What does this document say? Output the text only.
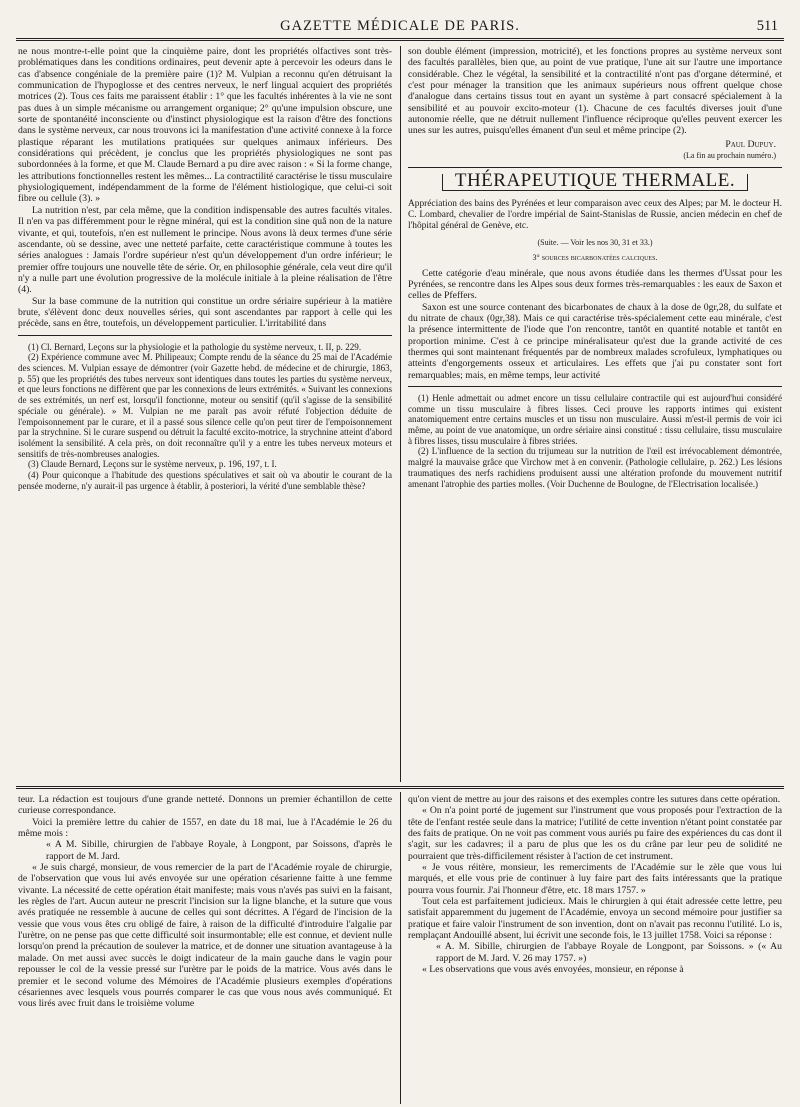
GAZETTE MÉDICALE DE PARIS.	511

ne nous montre-t-elle point que la cinquième paire, dont les propriétés olfactives sont très-problématiques dans les conditions ordinaires, peut devenir apte à percevoir les odeurs dans le cas d'absence congéniale de la première paire (1)? M. Vulpian a reconnu qu'en détruisant la communication de l'hypoglosse et des centres nerveux, le nerf lingual acquiert des propriétés motrices (2). Tous ces faits me paraissent établir : 1° que les facultés inhérentes à la vie ne sont pas dues à un simple mécanisme ou arrangement organique; 2° qu'une impulsion obscure, une sorte de spontanéité inconsciente ou d'instinct physiologique est la raison d'être des fonctions dans le système nerveux, car nous trouvons ici la manifestation d'une activité connexe à la force plastique réparant les mutilations pratiquées sur quelques animaux inférieurs. Des considérations qui précèdent, je conclus que les propriétés physiologiques ne sont pas subordonnées à la forme, et que M. Claude Bernard a pu dire avec raison : « Si la forme change, les attributions fonctionnelles restent les mêmes... La contractilité caractérise le tissu musculaire physiologiquement, indépendamment de la forme de l'élément histiologique, que celui-ci soit fibre ou cellule (3). »

La nutrition n'est, par cela même, que la condition indispensable des autres facultés vitales. Il n'en va pas différemment pour le règne minéral, qui est la condition sine quâ non de la nature vivante, et qui, toutefois, n'en est nullement le principe. Nous avons là deux termes d'une série ascendante, où se dessine, avec une netteté parfaite, cette caractéristique commune à toutes les séries analogues : Jamais l'ordre supérieur n'est qu'un développement d'un ordre inférieur; le premier offre toujours une nouvelle tête de série. Or, en philosophie générale, cela veut dire qu'il n'y a nulle part une évolution progressive de la molécule initiale à la pleine réalisation de l'être (4).

Sur la base commune de la nutrition qui constitue un ordre sériaire supérieur à la matière brute, s'élèvent donc deux nouvelles séries, qui sont ascendantes par rapport à celle qui les précède, sans en être, toutefois, un développement particulier. L'irritabilité dans

(1) Cl. Bernard, Leçons sur la physiologie et la pathologie du système nerveux, t. II, p. 229.

(2) Expérience commune avec M. Philipeaux; Compte rendu de la séance du 25 mai de l'Académie des sciences. M. Vulpian essaye de démontrer (voir Gazette hebd. de médecine et de chirurgie, 1863, p. 55) que les propriétés des tubes nerveux sont identiques dans toutes les parties du système nerveux, et que leurs fonctions ne diffèrent que par les connexions de leurs extrémités. « Suivant les connexions de ses extrémités, un nerf est, lorsqu'il fonctionne, moteur ou sensitif (qu'il s'agisse de la sensibilité spéciale ou générale). » M. Vulpian ne me paraît pas avoir réfuté l'objection déduite de l'empoisonnement par le curare, et il a passé sous silence celle qu'on peut tirer de l'empoisonnement par la strychnine. Si le curare suspend ou détruit la faculté excito-motrice, la strychnine atteint d'abord isolément la sensibilité. A cela près, on doit reconnaître qu'il y a entre les tubes nerveux moteurs et sensitifs de très-nombreuses analogies.

(3) Claude Bernard, Leçons sur le système nerveux, p. 196, 197, t. I.

(4) Pour quiconque a l'habitude des questions spéculatives et sait où va aboutir le courant de la pensée moderne, n'y aurait-il pas urgence à établir, à posteriori, la vérité d'une semblable thèse?

son double élément (impression, motricité), et les fonctions propres au système nerveux sont des facultés parallèles, bien que, au point de vue pratique, l'une ait sur l'autre une importance considérable. Chez le végétal, la sensibilité et la contractilité n'ont pas d'organe déterminé, et c'est pour ménager la transition que les animaux supérieurs nous offrent quelque chose d'analogue dans certains tissus tout en ayant un système à part consacré spécialement à la sensibilité et au pouvoir excito-moteur (1). Chacune de ces facultés diverses jouit d'une autonomie réelle, que ne détruit nullement l'influence réciproque qu'elles peuvent exercer les unes sur les autres, puisqu'elles émanent d'un seul et même principe (2).

Paul Dupuy.

(La fin au prochain numéro.)

THÉRAPEUTIQUE THERMALE.

Appréciation des bains des Pyrénées et leur comparaison avec ceux des Alpes; par M. le docteur H. C. Lombard, chevalier de l'ordre impérial de Saint-Stanislas de Russie, ancien médecin en chef de l'hôpital général de Genève, etc.

(Suite. — Voir les nos 30, 31 et 33.)

3° sources bicarbonatées calciques.

Cette catégorie d'eau minérale, que nous avons étudiée dans les thermes d'Ussat pour les Pyrénées, se rencontre dans les Alpes sous deux formes très-remarquables : les eaux de Saxon et celles de Pfeffers.

Saxon est une source contenant des bicarbonates de chaux à la dose de 0gr,28, du sulfate et du nitrate de chaux (0gr,38). Mais ce qui caractérise très-spécialement cette eau minérale, c'est la présence intermittente de l'iode que l'on rencontre, tantôt en quantité notable et tantôt en proportion minime. C'est à ce principe minéralisateur qu'est due la grande activité de ces thermes qui sont maintenant fréquentés par de nombreux malades scrofuleux, lymphatiques ou atteints d'engorgements osseux et articulaires. Les effets que j'ai pu constater sont fort remarquables; mais, en même temps, leur activité

(1) Henle admettait ou admet encore un tissu cellulaire contractile qui est aujourd'hui considéré comme un tissu musculaire à fibres lisses. Ceci prouve les rapports intimes qui existent anatomiquement entre certains muscles et un tissu non musculaire. Aussi m'est-il permis de voir ici même, au point de vue anatomique, un ordre sériaire ainsi constitué : tissu cellulaire, tissu musculaire à fibres lisses, tissu musculaire à fibres striées.

(2) L'influence de la section du trijumeau sur la nutrition de l'œil est irrévocablement démontrée, malgré la mauvaise grâce que Virchow met à en convenir. (Pathologie cellulaire, p. 262.) Les lésions traumatiques des nerfs rachidiens produisent aussi une altération profonde du mouvement nutritif amenant l'atrophie des parties molles. (Voir Duchenne de Boulogne, de l'Electrisation localisée.)

teur. La rédaction est toujours d'une grande netteté. Donnons un premier échantillon de cette curieuse correspondance.

Voici la première lettre du cahier de 1557, en date du 18 mai, lue à l'Académie le 26 du même mois :

« A M. Sibille, chirurgien de l'abbaye Royale, à Longpont, par Soissons, d'après le rapport de M. Jard.

« Je suis chargé, monsieur, de vous remercier de la part de l'Académie royale de chirurgie, de l'observation que vous lui avés envoyée sur une opération césarienne faitte à une femme vivante. La nécessité de cette opération était manifeste; mais vous n'avés pas suivi en la faisant, les règles de l'art. Aucun auteur ne prescrit l'incision sur la ligne blanche, et la suture que vous avés pratiquée ne ressemble à aucune de celles qui sont décrittes. A l'égard de l'incision de la vessie que vous vous êtes cru obligé de faire, à raison de la difficulté d'introduire l'algalie par l'urètre, on ne pense pas que cette difficulté soit insurmontable; elle est connue, et devient nulle lorsqu'on prend la précaution de soulever la matrice, et de donner une situation avantageuse à la malade. On met aussi avec succès le doigt indicateur de la main gauche dans le vagin pour repousser le col de la vessie pressé sur l'urètre par le poids de la matrice. Vous avés dans le premier et le second volume des Mémoires de l'Académie plusieurs exemples d'opérations césariennes avec lesquels vous pourrés comparer le cas que vous nous avés communiqué. Et vous lirés avec fruit dans le troisième volume

qu'on vient de mettre au jour des raisons et des exemples contre les sutures dans cette opération.

« On n'a point porté de jugement sur l'instrument que vous proposés pour l'extraction de la tête de l'enfant restée seule dans la matrice; l'utilité de cette invention n'étant point constatée par des faits de pratique. On ne voit pas comment vous auriés pu faire des expériences du cas dont il s'agit, sur les cadavres; il a paru de plus que les os du crâne par leur peu de solidité ne pourraient que très-difficilement résister à l'action de cet instrument.

« Je vous réitère, monsieur, les remerciments de l'Académie sur le zèle que vous lui marqués, et elle vous prie de continuer à luy faire part des faits intéressants que la pratique pourra vous fournir. J'ai l'honneur d'être, etc. 18 mars 1757. »

Tout cela est parfaitement judicieux. Mais le chirurgien à qui était adressée cette lettre, peu satisfait apparemment du jugement de l'Académie, envoya un second mémoire pour justifier sa pratique et faire valoir l'instrument de son invention, dont on n'avait pas reconnu l'utilité. Lo is, remplaçant Andouillé absent, lui écrivit une seconde fois, le 13 juillet 1758. Voici sa réponse :

« A. M. Sibille, chirurgien de l'abbaye Royale de Longpont, par Soissons. » (« Au rapport de M. Jard. V. 26 may 1757. »)

« Les observations que vous avés envoyées, monsieur, en réponse à
